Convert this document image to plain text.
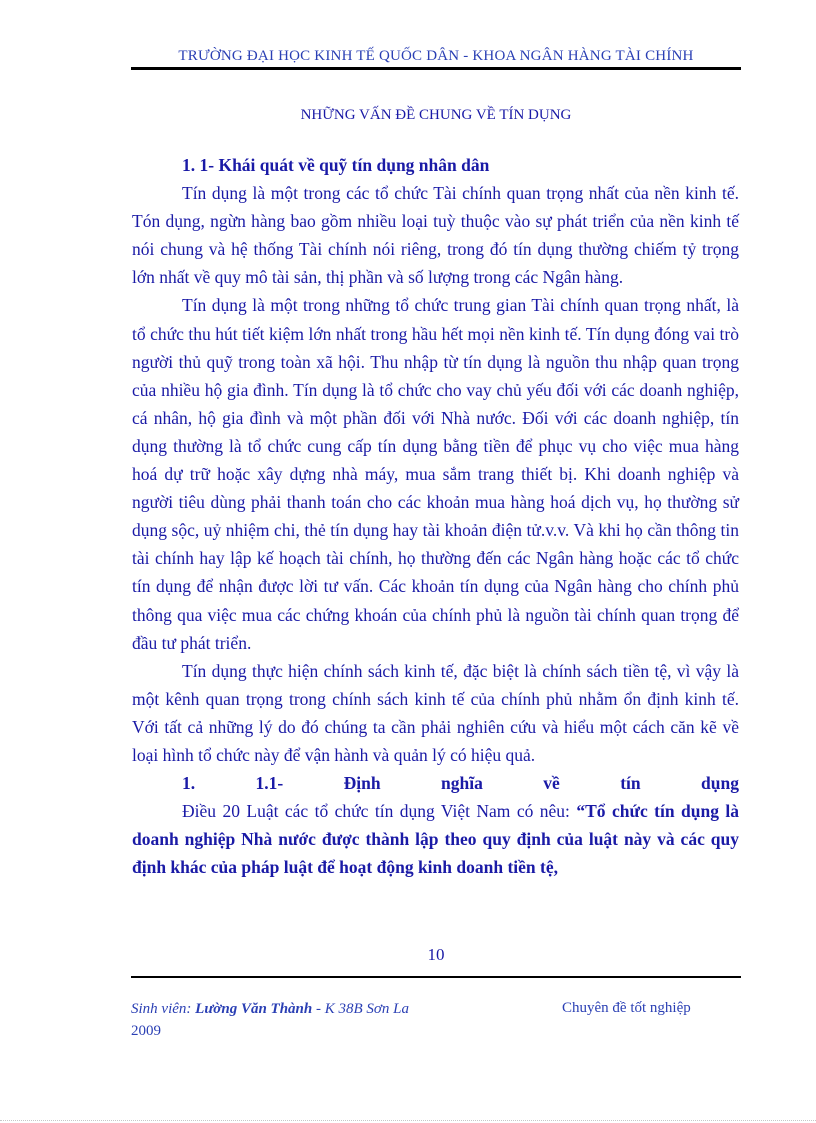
TRƯỜNG ĐẠI HỌC KINH TẾ QUỐC DÂN - KHOA NGÂN HÀNG TÀI CHÍNH
NHỮNG VẤN ĐỀ CHUNG VỀ TÍN DỤNG

1. 1- Khái quát về quỹ tín dụng nhân dân

Tín dụng là một trong các tổ chức Tài chính quan trọng nhất của nền kinh tế. Tón dụng, ngừn hàng bao gồm nhiều loại tuỳ thuộc vào sự phát triển của nền kinh tế nói chung và hệ thống Tài chính nói riêng, trong đó tín dụng thường chiếm tỷ trọng lớn nhất về quy mô tài sản, thị phần và số lượng trong các Ngân hàng.

Tín dụng là một trong những tổ chức trung gian Tài chính quan trọng nhất, là tổ chức thu hút tiết kiệm lớn nhất trong hầu hết mọi nền kinh tế. Tín dụng đóng vai trò người thủ quỹ trong toàn xã hội. Thu nhập từ tín dụng là nguồn thu nhập quan trọng của nhiều hộ gia đình. Tín dụng là tổ chức cho vay chủ yếu đối với các doanh nghiệp, cá nhân, hộ gia đình và một phần đối với Nhà nước. Đối với các doanh nghiệp, tín dụng thường là tổ chức cung cấp tín dụng bằng tiền để phục vụ cho việc mua hàng hoá dự trữ hoặc xây dựng nhà máy, mua sắm trang thiết bị. Khi doanh nghiệp và người tiêu dùng phải thanh toán cho các khoản mua hàng hoá dịch vụ, họ thường sử dụng sộc, uỷ nhiệm chi, thẻ tín dụng hay tài khoản điện tử.v.v. Và khi họ cần thông tin tài chính hay lập kế hoạch tài chính, họ thường đến các Ngân hàng hoặc các tổ chức tín dụng để nhận được lời tư vấn. Các khoản tín dụng của Ngân hàng cho chính phủ thông qua việc mua các chứng khoán của chính phủ là nguồn tài chính quan trọng để đầu tư phát triển.

Tín dụng thực hiện chính sách kinh tế, đặc biệt là chính sách tiền tệ, vì vậy là một kênh quan trọng trong chính sách kinh tế của chính phủ nhằm ổn định kinh tế. Với tất cả những lý do đó chúng ta cần phải nghiên cứu và hiểu một cách căn kẽ về loại hình tổ chức này để vận hành và quản lý có hiệu quả.

1. 1.1- Định nghĩa về tín dụng

Điều 20 Luật các tổ chức tín dụng Việt Nam có nêu: “Tổ chức tín dụng là doanh nghiệp Nhà nước được thành lập theo quy định của luật này và các quy định khác của pháp luật để hoạt động kinh doanh tiền tệ,

10
Sinh viên: Lường Văn Thành - K 38B Sơn La
2009
Chuyên đề tốt nghiệp
